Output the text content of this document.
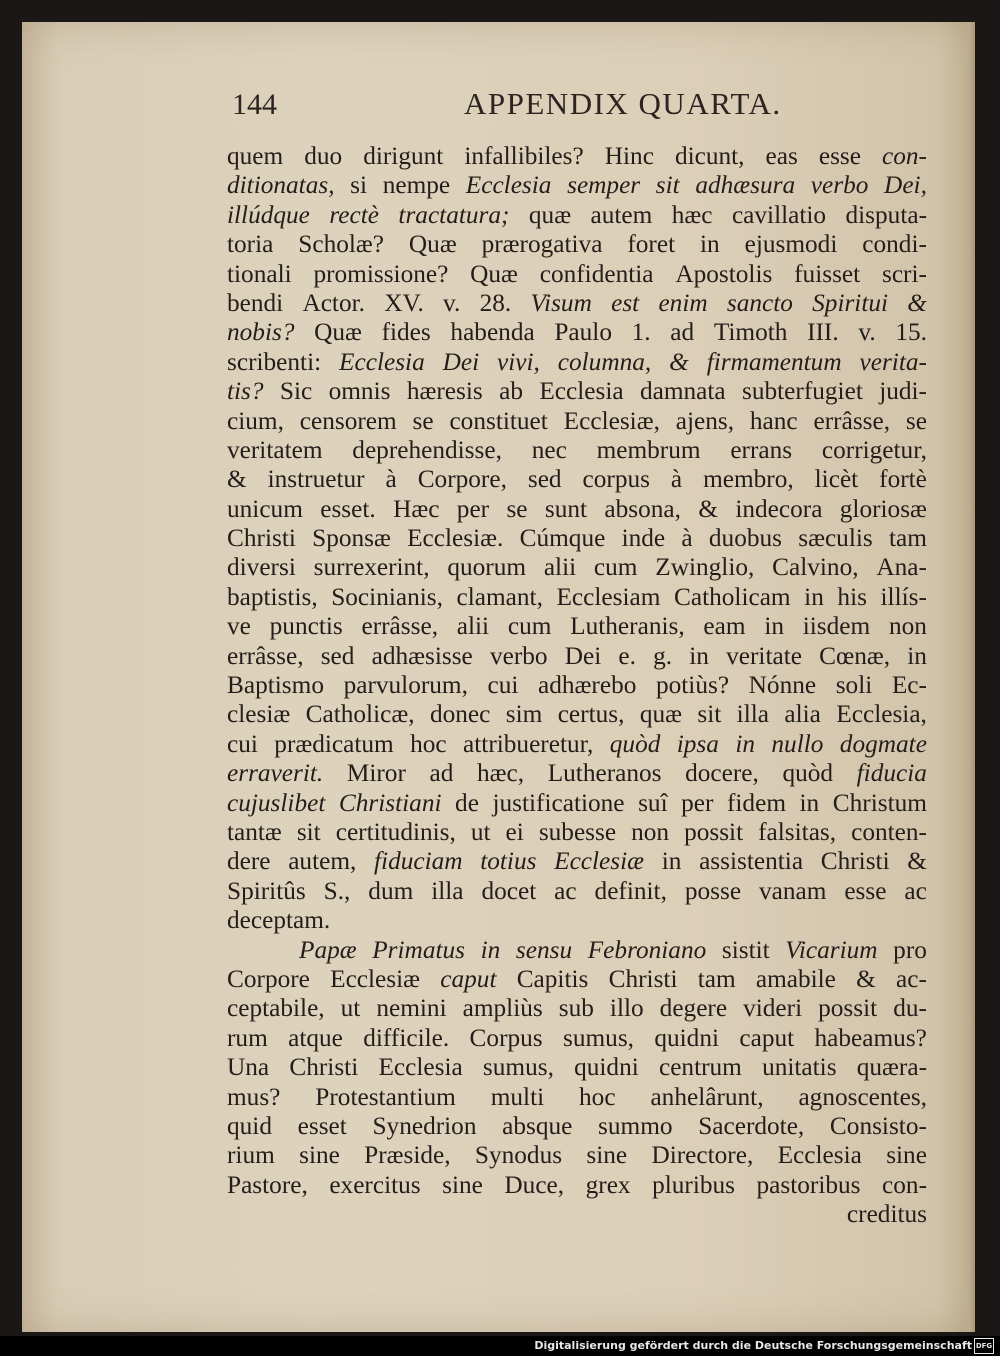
144	APPENDIX QUARTA.
quem duo dirigunt infallibiles? Hinc dicunt, eas esse con-
ditionatas, si nempe Ecclesia semper sit adhæsura verbo Dei,
illúdque rectè tractatura; quæ autem hæc cavillatio disputa-
toria Scholæ? Quæ prærogativa foret in ejusmodi condi-
tionali promissione? Quæ confidentia Apostolis fuisset scri-
bendi Actor. XV. v. 28. Visum est enim sancto Spiritui &
nobis? Quæ fides habenda Paulo 1. ad Timoth III. v. 15.
scribenti: Ecclesia Dei vivi, columna, & firmamentum verita-
tis? Sic omnis hæresis ab Ecclesia damnata subterfugiet judi-
cium, censorem se constituet Ecclesiæ, ajens, hanc errâsse, se
veritatem deprehendisse, nec membrum errans corrigetur,
& instruetur à Corpore, sed corpus à membro, licèt fortè
unicum esset. Hæc per se sunt absona, & indecora gloriosæ
Christi Sponsæ Ecclesiæ. Cúmque inde à duobus sæculis tam
diversi surrexerint, quorum alii cum Zwinglio, Calvino, Ana-
baptistis, Socinianis, clamant, Ecclesiam Catholicam in his illís-
ve punctis errâsse, alii cum Lutheranis, eam in iisdem non
errâsse, sed adhæsisse verbo Dei e. g. in veritate Cœnæ, in
Baptismo parvulorum, cui adhærebo potiùs? Nónne soli Ec-
clesiæ Catholicæ, donec sim certus, quæ sit illa alia Ecclesia,
cui prædicatum hoc attribueretur, quòd ipsa in nullo dogmate
erraverit. Miror ad hæc, Lutheranos docere, quòd fiducia
cujuslibet Christiani de justificatione suî per fidem in Christum
tantæ sit certitudinis, ut ei subesse non possit falsitas, conten-
dere autem, fiduciam totius Ecclesiæ in assistentia Christi &
Spiritûs S., dum illa docet ac definit, posse vanam esse ac
deceptam.
Papæ Primatus in sensu Febroniano sistit Vicarium pro
Corpore Ecclesiæ caput Capitis Christi tam amabile & ac-
ceptabile, ut nemini ampliùs sub illo degere videri possit du-
rum atque difficile. Corpus sumus, quidni caput habeamus?
Una Christi Ecclesia sumus, quidni centrum unitatis quæra-
mus? Protestantium multi hoc anhelârunt, agnoscentes,
quid esset Synedrion absque summo Sacerdote, Consisto-
rium sine Præside, Synodus sine Directore, Ecclesia sine
Pastore, exercitus sine Duce, grex pluribus pastoribus con-
creditus
Digitalisierung gefördert durch die Deutsche Forschungsgemeinschaft DFG
